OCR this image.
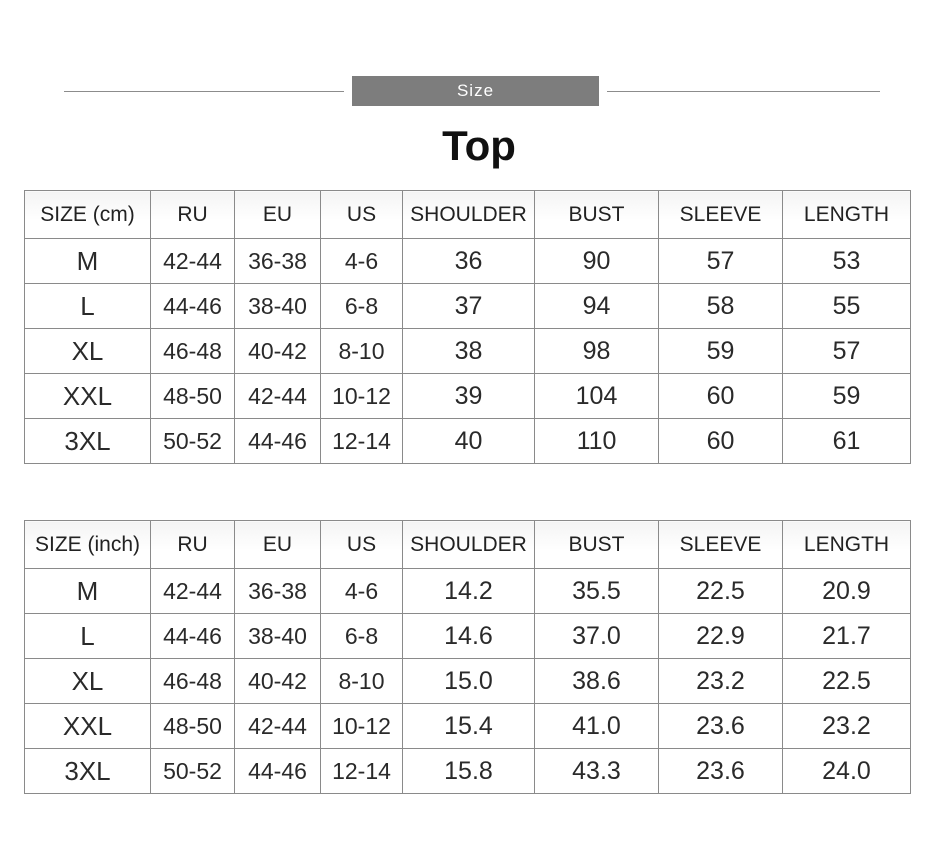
Size
Top
SIZE (cm)	RU	EU	US	SHOULDER	BUST	SLEEVE	LENGTH
M	42-44	36-38	4-6	36	90	57	53
L	44-46	38-40	6-8	37	94	58	55
XL	46-48	40-42	8-10	38	98	59	57
XXL	48-50	42-44	10-12	39	104	60	59
3XL	50-52	44-46	12-14	40	110	60	61
SIZE (inch)	RU	EU	US	SHOULDER	BUST	SLEEVE	LENGTH
M	42-44	36-38	4-6	14.2	35.5	22.5	20.9
L	44-46	38-40	6-8	14.6	37.0	22.9	21.7
XL	46-48	40-42	8-10	15.0	38.6	23.2	22.5
XXL	48-50	42-44	10-12	15.4	41.0	23.6	23.2
3XL	50-52	44-46	12-14	15.8	43.3	23.6	24.0
